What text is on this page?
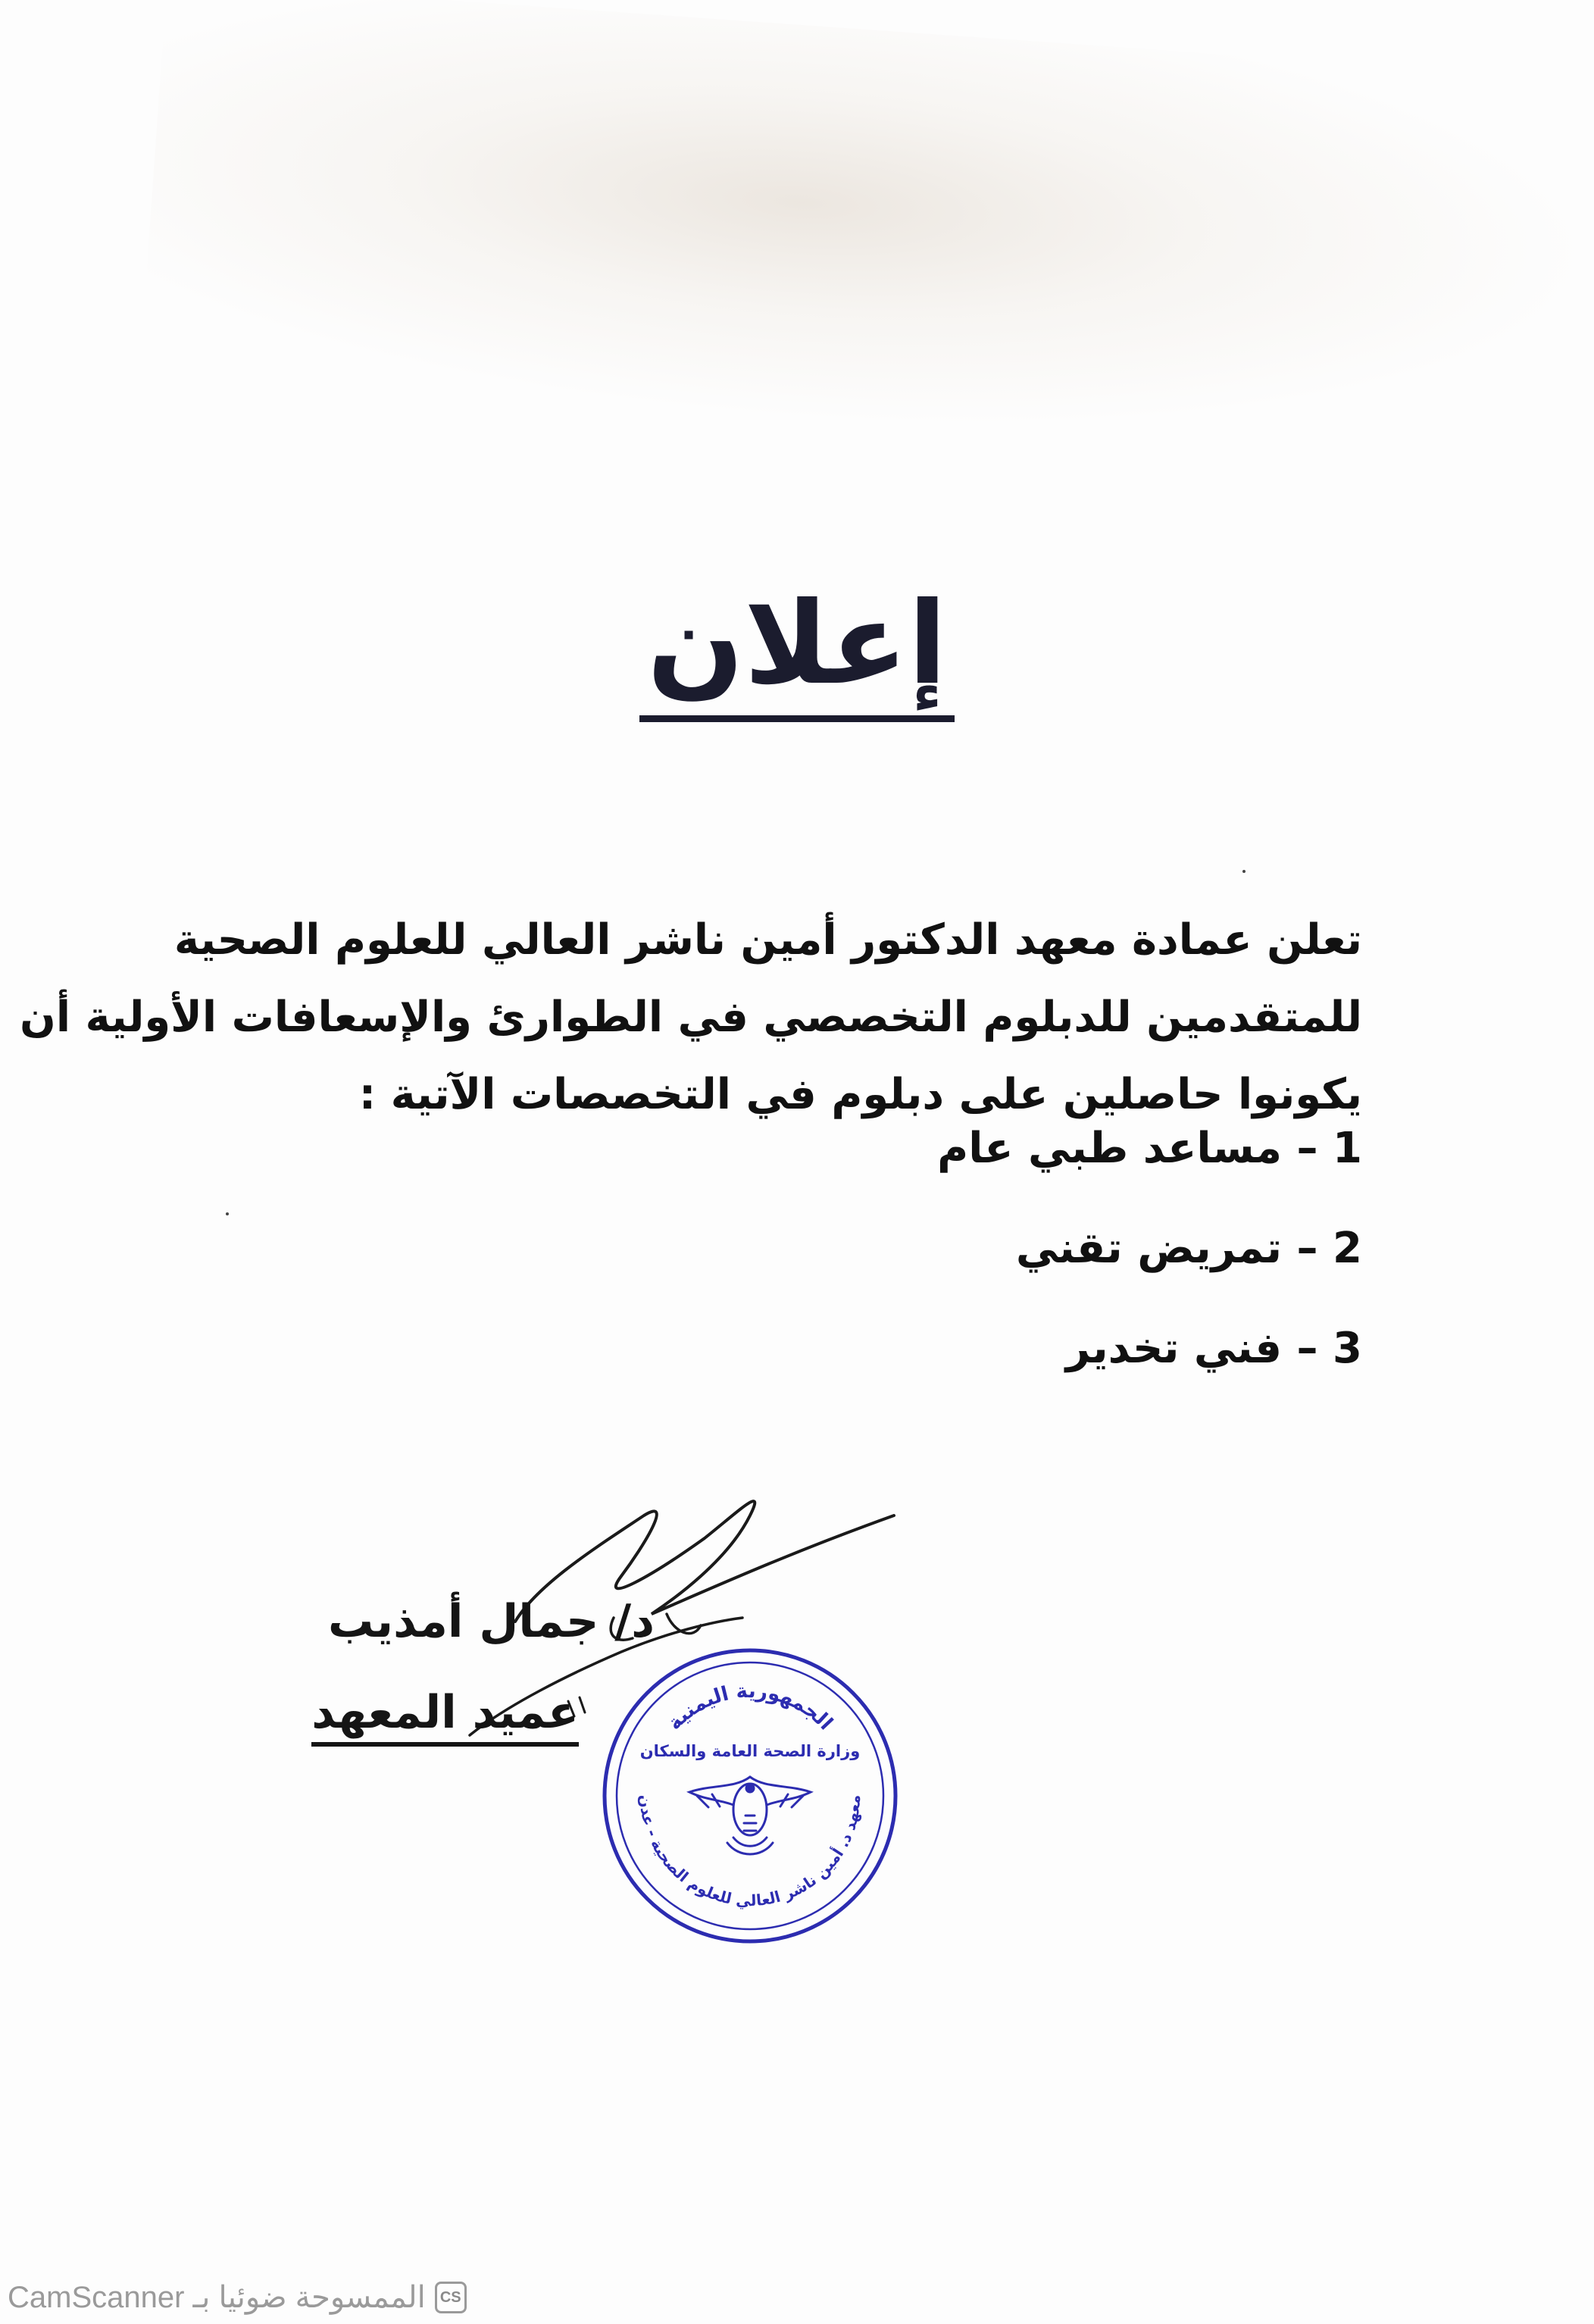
إعلان
تعلن عمادة معهد الدكتور أمين ناشر العالي للعلوم الصحية
للمتقدمين للدبلوم التخصصي في الطوارئ والإسعافات الأولية أن
يكونوا حاصلين على دبلوم في التخصصات الآتية :
1 – مساعد طبي عام
2 – تمريض تقني
3 – فني تخدير
د/ جمال أمذيب
عميد المعهد	الجمهورية اليمنية
وزارة الصحة العامة والسكان
معهد د. أمين ناشر العالي للعلوم الصحية - عدن
CS
الممسوحة ضوئيا بـ CamScanner
